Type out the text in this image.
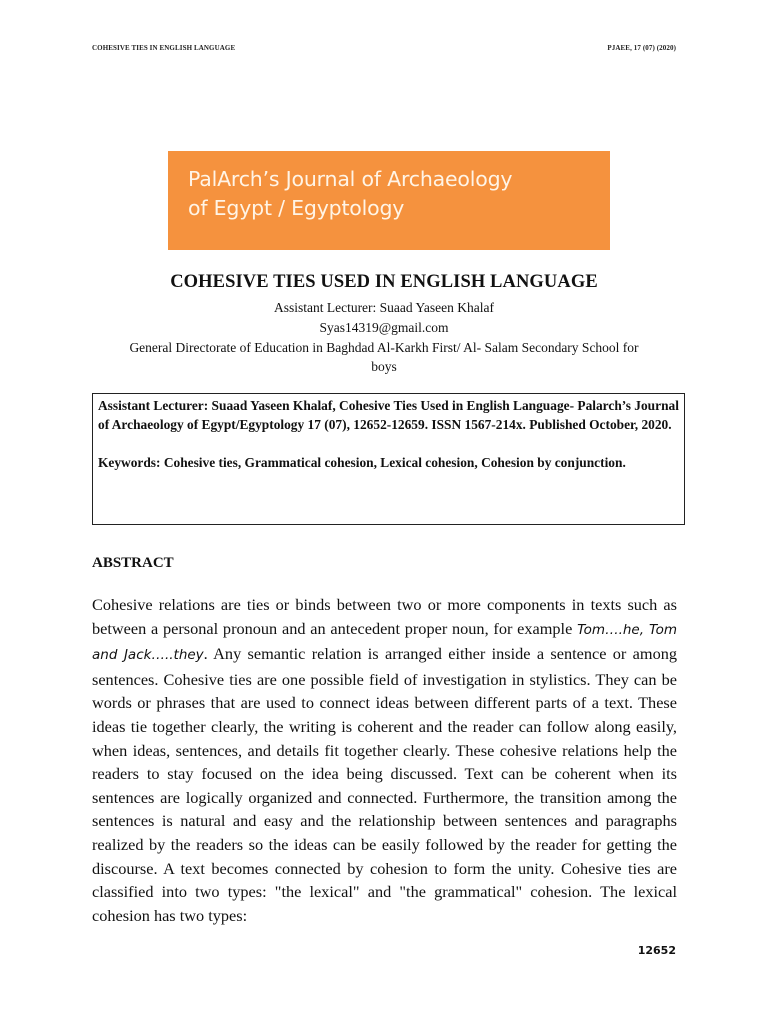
COHESIVE TIES IN ENGLISH LANGUAGE	PJAEE, 17 (07) (2020)
PalArch’s Journal of Archaeology
of Egypt / Egyptology
COHESIVE TIES USED IN ENGLISH LANGUAGE
Assistant Lecturer: Suaad Yaseen Khalaf
Syas14319@gmail.com
General Directorate of Education in Baghdad Al-Karkh First/ Al- Salam Secondary School for
boys

Assistant Lecturer: Suaad Yaseen Khalaf, Cohesive Ties Used in English Language- Palarch’s Journal of Archaeology of Egypt/Egyptology 17 (07), 12652-12659. ISSN 1567-214x. Published October, 2020.

Keywords: Cohesive ties, Grammatical cohesion, Lexical cohesion, Cohesion by conjunction.

ABSTRACT

Cohesive relations are ties or binds between two or more components in texts such as between a personal pronoun and an antecedent proper noun, for example Tom….he, Tom and Jack…..they. Any semantic relation is arranged either inside a sentence or among sentences. Cohesive ties are one possible field of investigation in stylistics. They can be words or phrases that are used to connect ideas between different parts of a text. These ideas tie together clearly, the writing is coherent and the reader can follow along easily, when ideas, sentences, and details fit together clearly. These cohesive relations help the readers to stay focused on the idea being discussed. Text can be coherent when its sentences are logically organized and connected. Furthermore, the transition among the sentences is natural and easy and the relationship between sentences and paragraphs realized by the readers so the ideas can be easily followed by the reader for getting the discourse. A text becomes connected by cohesion to form the unity. Cohesive ties are classified into two types: "the lexical" and "the grammatical" cohesion. The lexical cohesion has two types:

12652
